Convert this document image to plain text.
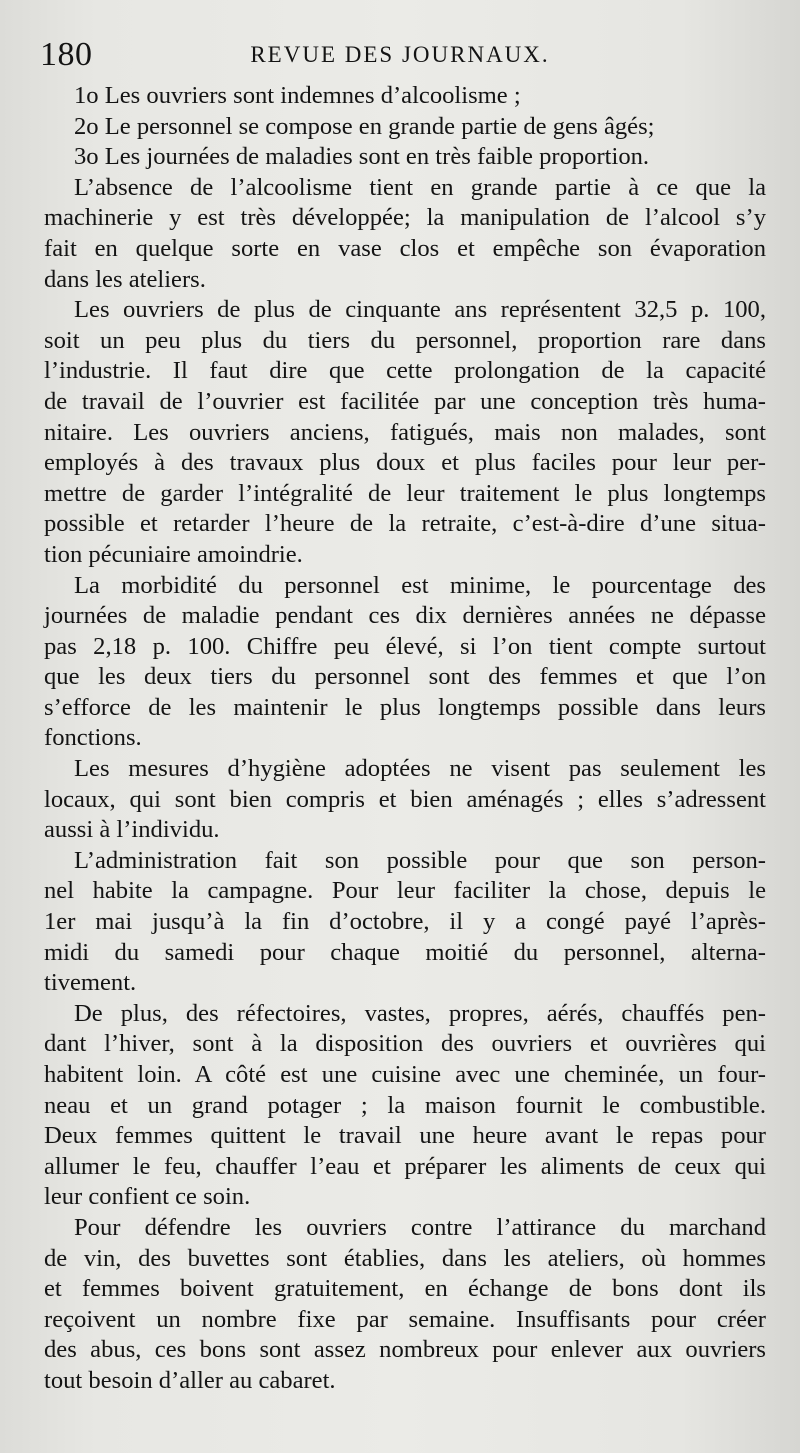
180	REVUE DES JOURNAUX.
1o Les ouvriers sont indemnes d’alcoolisme ;
2o Le personnel se compose en grande partie de gens âgés;
3o Les journées de maladies sont en très faible proportion.
L’absence de l’alcoolisme tient en grande partie à ce que la
machinerie y est très développée; la manipulation de l’alcool s’y
fait en quelque sorte en vase clos et empêche son évaporation
dans les ateliers.
Les ouvriers de plus de cinquante ans représentent 32,5 p. 100,
soit un peu plus du tiers du personnel, proportion rare dans
l’industrie. Il faut dire que cette prolongation de la capacité
de travail de l’ouvrier est facilitée par une conception très huma-
nitaire. Les ouvriers anciens, fatigués, mais non malades, sont
employés à des travaux plus doux et plus faciles pour leur per-
mettre de garder l’intégralité de leur traitement le plus longtemps
possible et retarder l’heure de la retraite, c’est-à-dire d’une situa-
tion pécuniaire amoindrie.
La morbidité du personnel est minime, le pourcentage des
journées de maladie pendant ces dix dernières années ne dépasse
pas 2,18 p. 100. Chiffre peu élevé, si l’on tient compte surtout
que les deux tiers du personnel sont des femmes et que l’on
s’efforce de les maintenir le plus longtemps possible dans leurs
fonctions.
Les mesures d’hygiène adoptées ne visent pas seulement les
locaux, qui sont bien compris et bien aménagés ; elles s’adressent
aussi à l’individu.
L’administration fait son possible pour que son person-
nel habite la campagne. Pour leur faciliter la chose, depuis le
1er mai jusqu’à la fin d’octobre, il y a congé payé l’après-
midi du samedi pour chaque moitié du personnel, alterna-
tivement.
De plus, des réfectoires, vastes, propres, aérés, chauffés pen-
dant l’hiver, sont à la disposition des ouvriers et ouvrières qui
habitent loin. A côté est une cuisine avec une cheminée, un four-
neau et un grand potager ; la maison fournit le combustible.
Deux femmes quittent le travail une heure avant le repas pour
allumer le feu, chauffer l’eau et préparer les aliments de ceux qui
leur confient ce soin.
Pour défendre les ouvriers contre l’attirance du marchand
de vin, des buvettes sont établies, dans les ateliers, où hommes
et femmes boivent gratuitement, en échange de bons dont ils
reçoivent un nombre fixe par semaine. Insuffisants pour créer
des abus, ces bons sont assez nombreux pour enlever aux ouvriers
tout besoin d’aller au cabaret.
